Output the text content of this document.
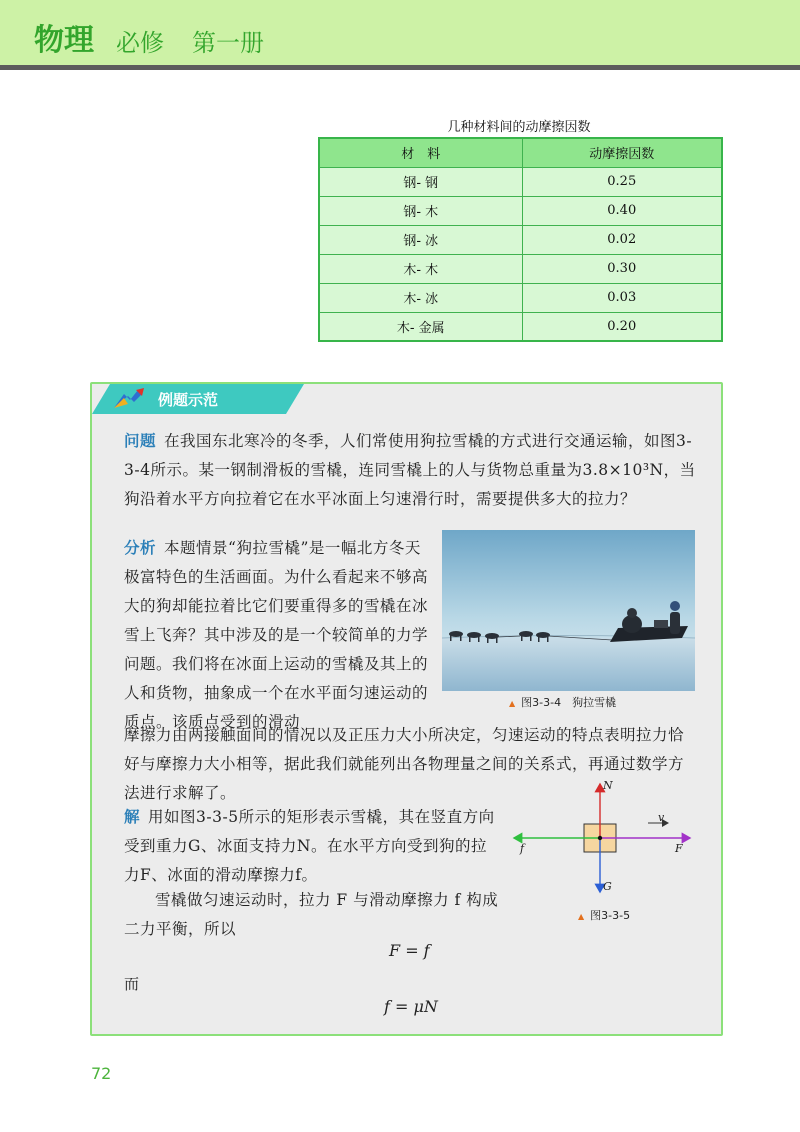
物理 必修 第一册
几种材料间的动摩擦因数
材　料	动摩擦因数
钢- 钢	0.25
钢- 木	0.40
钢- 冰	0.02
木- 木	0.30
木- 冰	0.03
木- 金属	0.20
例题示范
问题 在我国东北寒冷的冬季，人们常使用狗拉雪橇的方式进行交通运输，如图3-3-4所示。某一钢制滑板的雪橇，连同雪橇上的人与货物总重量为3.8×10³N，当狗沿着水平方向拉着它在水平冰面上匀速滑行时，需要提供多大的拉力？
分析 本题情景“狗拉雪橇”是一幅北方冬天极富特色的生活画面。为什么看起来不够高大的狗却能拉着比它们要重得多的雪橇在冰雪上飞奔？其中涉及的是一个较简单的力学问题。我们将在冰面上运动的雪橇及其上的人和货物，抽象成一个在水平面匀速运动的质点。该质点受到的滑动
摩擦力由两接触面间的情况以及正压力大小所决定，匀速运动的特点表明拉力恰好与摩擦力大小相等，据此我们就能列出各物理量之间的关系式，再通过数学方法进行求解了。
▲ 图3-3-4　狗拉雪橇
解 用如图3-3-5所示的矩形表示雪橇，其在竖直方向受到重力G、冰面支持力N。在水平方向受到狗的拉力F、冰面的滑动摩擦力f。
雪橇做匀速运动时，拉力 F 与滑动摩擦力 f 构成二力平衡，所以
N
G
f	F
v
▲ 图3-3-5
F = f
而
f = μN
72
